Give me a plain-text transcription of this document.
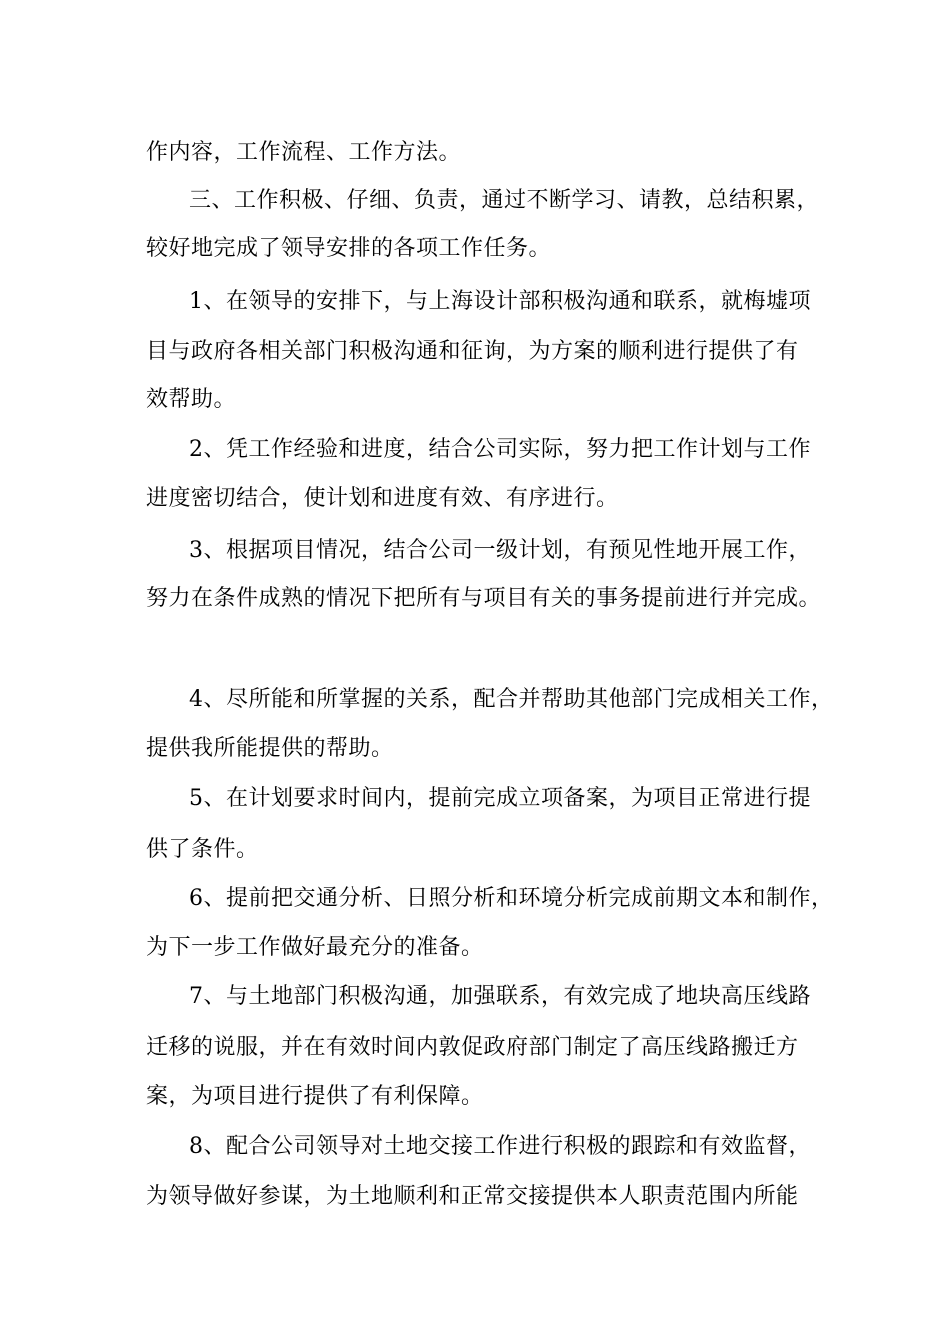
作内容，工作流程、工作方法。
三、工作积极、仔细、负责，通过不断学习、请教，总结积累，
较好地完成了领导安排的各项工作任务。
1、在领导的安排下，与上海设计部积极沟通和联系，就梅墟项
目与政府各相关部门积极沟通和征询，为方案的顺利进行提供了有
效帮助。
2、凭工作经验和进度，结合公司实际，努力把工作计划与工作
进度密切结合，使计划和进度有效、有序进行。
3、根据项目情况，结合公司一级计划，有预见性地开展工作，
努力在条件成熟的情况下把所有与项目有关的事务提前进行并完成。
4、尽所能和所掌握的关系，配合并帮助其他部门完成相关工作，
提供我所能提供的帮助。
5、在计划要求时间内，提前完成立项备案，为项目正常进行提
供了条件。
6、提前把交通分析、日照分析和环境分析完成前期文本和制作，
为下一步工作做好最充分的准备。
7、与土地部门积极沟通，加强联系，有效完成了地块高压线路
迁移的说服，并在有效时间内敦促政府部门制定了高压线路搬迁方
案，为项目进行提供了有利保障。
8、配合公司领导对土地交接工作进行积极的跟踪和有效监督，
为领导做好参谋，为土地顺利和正常交接提供本人职责范围内所能
